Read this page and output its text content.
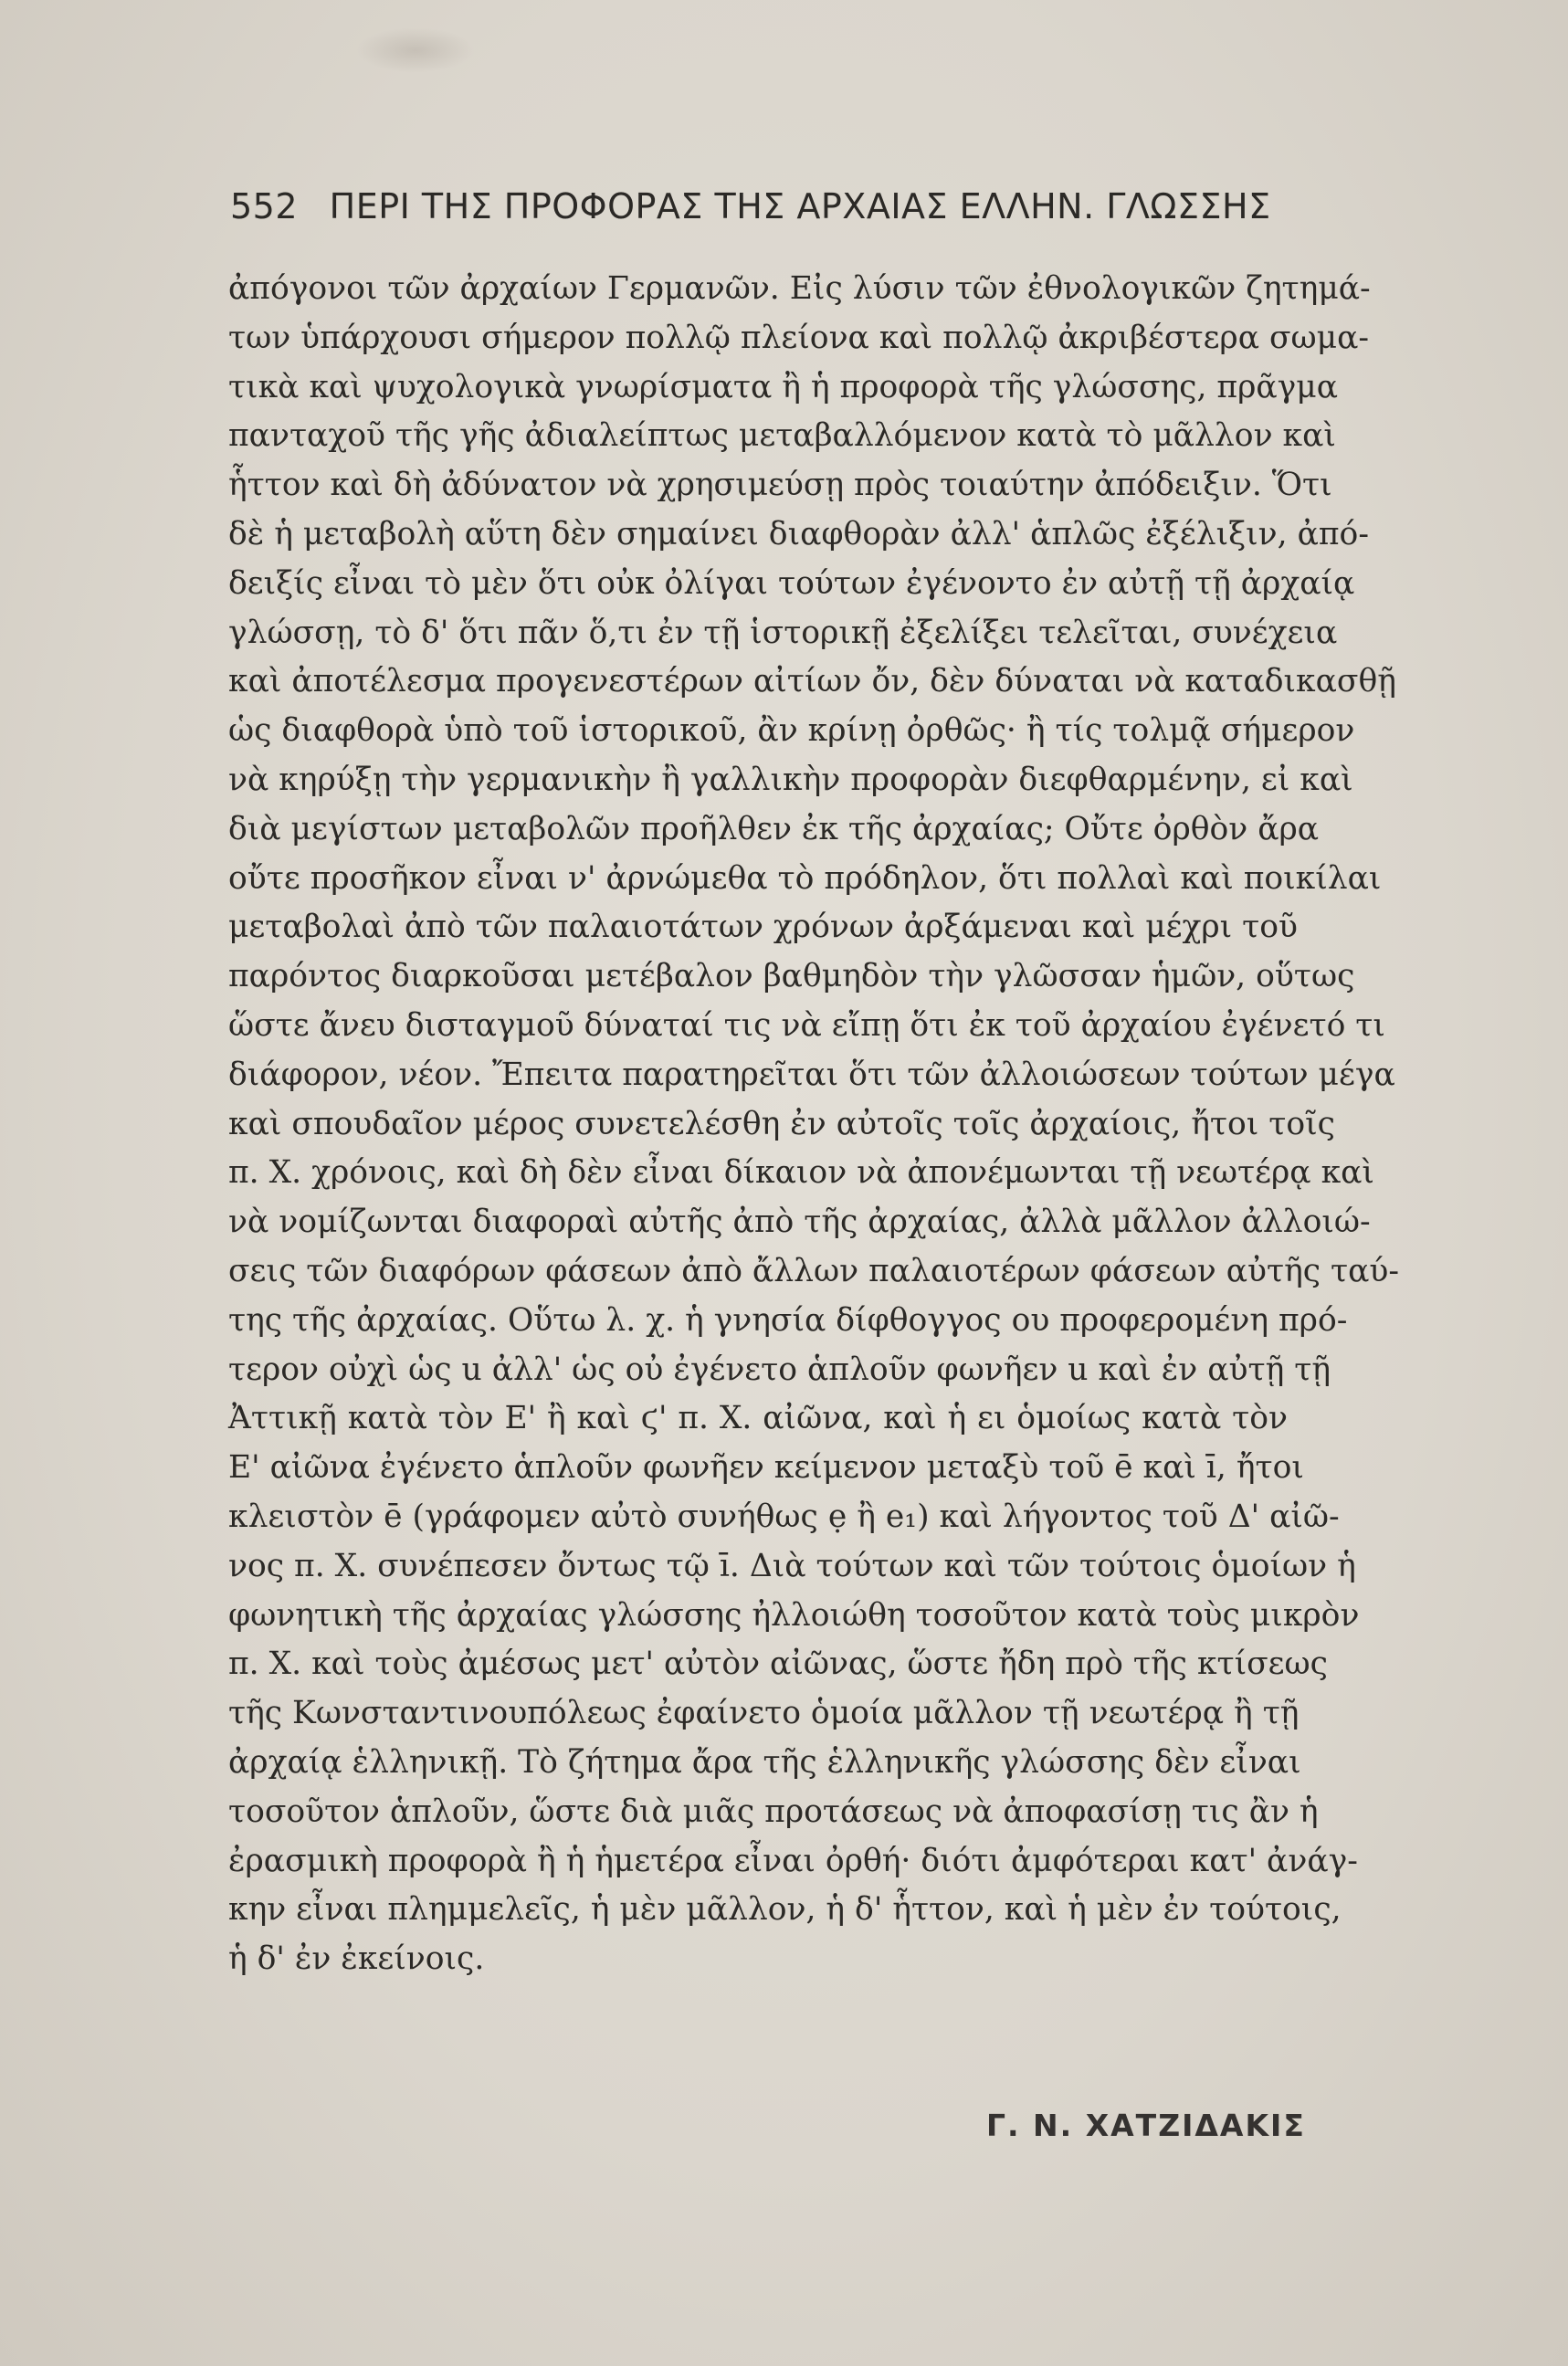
552 ΠΕΡΙ ΤΗΣ ΠΡΟΦΟΡΑΣ ΤΗΣ ΑΡΧΑΙΑΣ ΕΛΛΗΝ. ΓΛΩΣΣΗΣ
ἀπόγονοι τῶν ἀρχαίων Γερμανῶν. Εἰς λύσιν τῶν ἐθνολογικῶν ζητημά-
των ὑπάρχουσι σήμερον πολλῷ πλείονα καὶ πολλῷ ἀκριβέστερα σωμα-
τικὰ καὶ ψυχολογικὰ γνωρίσματα ἢ ἡ προφορὰ τῆς γλώσσης, πρᾶγμα
πανταχοῦ τῆς γῆς ἀδιαλείπτως μεταβαλλόμενον κατὰ τὸ μᾶλλον καὶ
ἧττον καὶ δὴ ἀδύνατον νὰ χρησιμεύσῃ πρὸς τοιαύτην ἀπόδειξιν. Ὅτι
δὲ ἡ μεταβολὴ αὕτη δὲν σημαίνει διαφθορὰν ἀλλ' ἁπλῶς ἐξέλιξιν, ἀπό-
δειξίς εἶναι τὸ μὲν ὅτι οὐκ ὀλίγαι τούτων ἐγένοντο ἐν αὐτῇ τῇ ἀρχαίᾳ
γλώσσῃ, τὸ δ' ὅτι πᾶν ὅ,τι ἐν τῇ ἱστορικῇ ἐξελίξει τελεῖται, συνέχεια
καὶ ἀποτέλεσμα προγενεστέρων αἰτίων ὄν, δὲν δύναται νὰ καταδικασθῇ
ὡς διαφθορὰ ὑπὸ τοῦ ἱστορικοῦ, ἂν κρίνῃ ὀρθῶς· ἢ τίς τολμᾷ σήμερον
νὰ κηρύξῃ τὴν γερμανικὴν ἢ γαλλικὴν προφορὰν διεφθαρμένην, εἰ καὶ
διὰ μεγίστων μεταβολῶν προῆλθεν ἐκ τῆς ἀρχαίας; Οὔτε ὀρθὸν ἄρα
οὔτε προσῆκον εἶναι ν' ἀρνώμεθα τὸ πρόδηλον, ὅτι πολλαὶ καὶ ποικίλαι
μεταβολαὶ ἀπὸ τῶν παλαιοτάτων χρόνων ἀρξάμεναι καὶ μέχρι τοῦ
παρόντος διαρκοῦσαι μετέβαλον βαθμηδὸν τὴν γλῶσσαν ἡμῶν, οὕτως
ὥστε ἄνευ δισταγμοῦ δύναταί τις νὰ εἴπῃ ὅτι ἐκ τοῦ ἀρχαίου ἐγένετό τι
διάφορον, νέον. Ἔπειτα παρατηρεῖται ὅτι τῶν ἀλλοιώσεων τούτων μέγα
καὶ σπουδαῖον μέρος συνετελέσθη ἐν αὐτοῖς τοῖς ἀρχαίοις, ἤτοι τοῖς
π. Χ. χρόνοις, καὶ δὴ δὲν εἶναι δίκαιον νὰ ἀπονέμωνται τῇ νεωτέρᾳ καὶ
νὰ νομίζωνται διαφοραὶ αὐτῆς ἀπὸ τῆς ἀρχαίας, ἀλλὰ μᾶλλον ἀλλοιώ-
σεις τῶν διαφόρων φάσεων ἀπὸ ἄλλων παλαιοτέρων φάσεων αὐτῆς ταύ-
της τῆς ἀρχαίας. Οὕτω λ. χ. ἡ γνησία δίφθογγος ου προφερομένη πρό-
τερον οὐχὶ ὡς u ἀλλ' ὡς oὐ ἐγένετο ἁπλοῦν φωνῆεν u καὶ ἐν αὐτῇ τῇ
Ἀττικῇ κατὰ τὸν Ε' ἢ καὶ ϛ' π. Χ. αἰῶνα, καὶ ἡ ει ὁμοίως κατὰ τὸν
Ε' αἰῶνα ἐγένετο ἁπλοῦν φωνῆεν κείμενον μεταξὺ τοῦ ē καὶ ī, ἤτοι
κλειστὸν ē (γράφομεν αὐτὸ συνήθως ẹ ἢ e₁) καὶ λήγοντος τοῦ Δ' αἰῶ-
νος π. Χ. συνέπεσεν ὄντως τῷ ī. Διὰ τούτων καὶ τῶν τούτοις ὁμοίων ἡ
φωνητικὴ τῆς ἀρχαίας γλώσσης ἠλλοιώθη τοσοῦτον κατὰ τοὺς μικρὸν
π. Χ. καὶ τοὺς ἀμέσως μετ' αὐτὸν αἰῶνας, ὥστε ἤδη πρὸ τῆς κτίσεως
τῆς Κωνσταντινουπόλεως ἐφαίνετο ὁμοία μᾶλλον τῇ νεωτέρᾳ ἢ τῇ
ἀρχαίᾳ ἑλληνικῇ. Τὸ ζήτημα ἄρα τῆς ἑλληνικῆς γλώσσης δὲν εἶναι
τοσοῦτον ἁπλοῦν, ὥστε διὰ μιᾶς προτάσεως νὰ ἀποφασίσῃ τις ἂν ἡ
ἐρασμικὴ προφορὰ ἢ ἡ ἡμετέρα εἶναι ὀρθή· διότι ἀμφότεραι κατ' ἀνάγ-
κην εἶναι πλημμελεῖς, ἡ μὲν μᾶλλον, ἡ δ' ἧττον, καὶ ἡ μὲν ἐν τούτοις,
ἡ δ' ἐν ἐκείνοις.
Γ. Ν. ΧΑΤΖΙΔΑΚΙΣ
